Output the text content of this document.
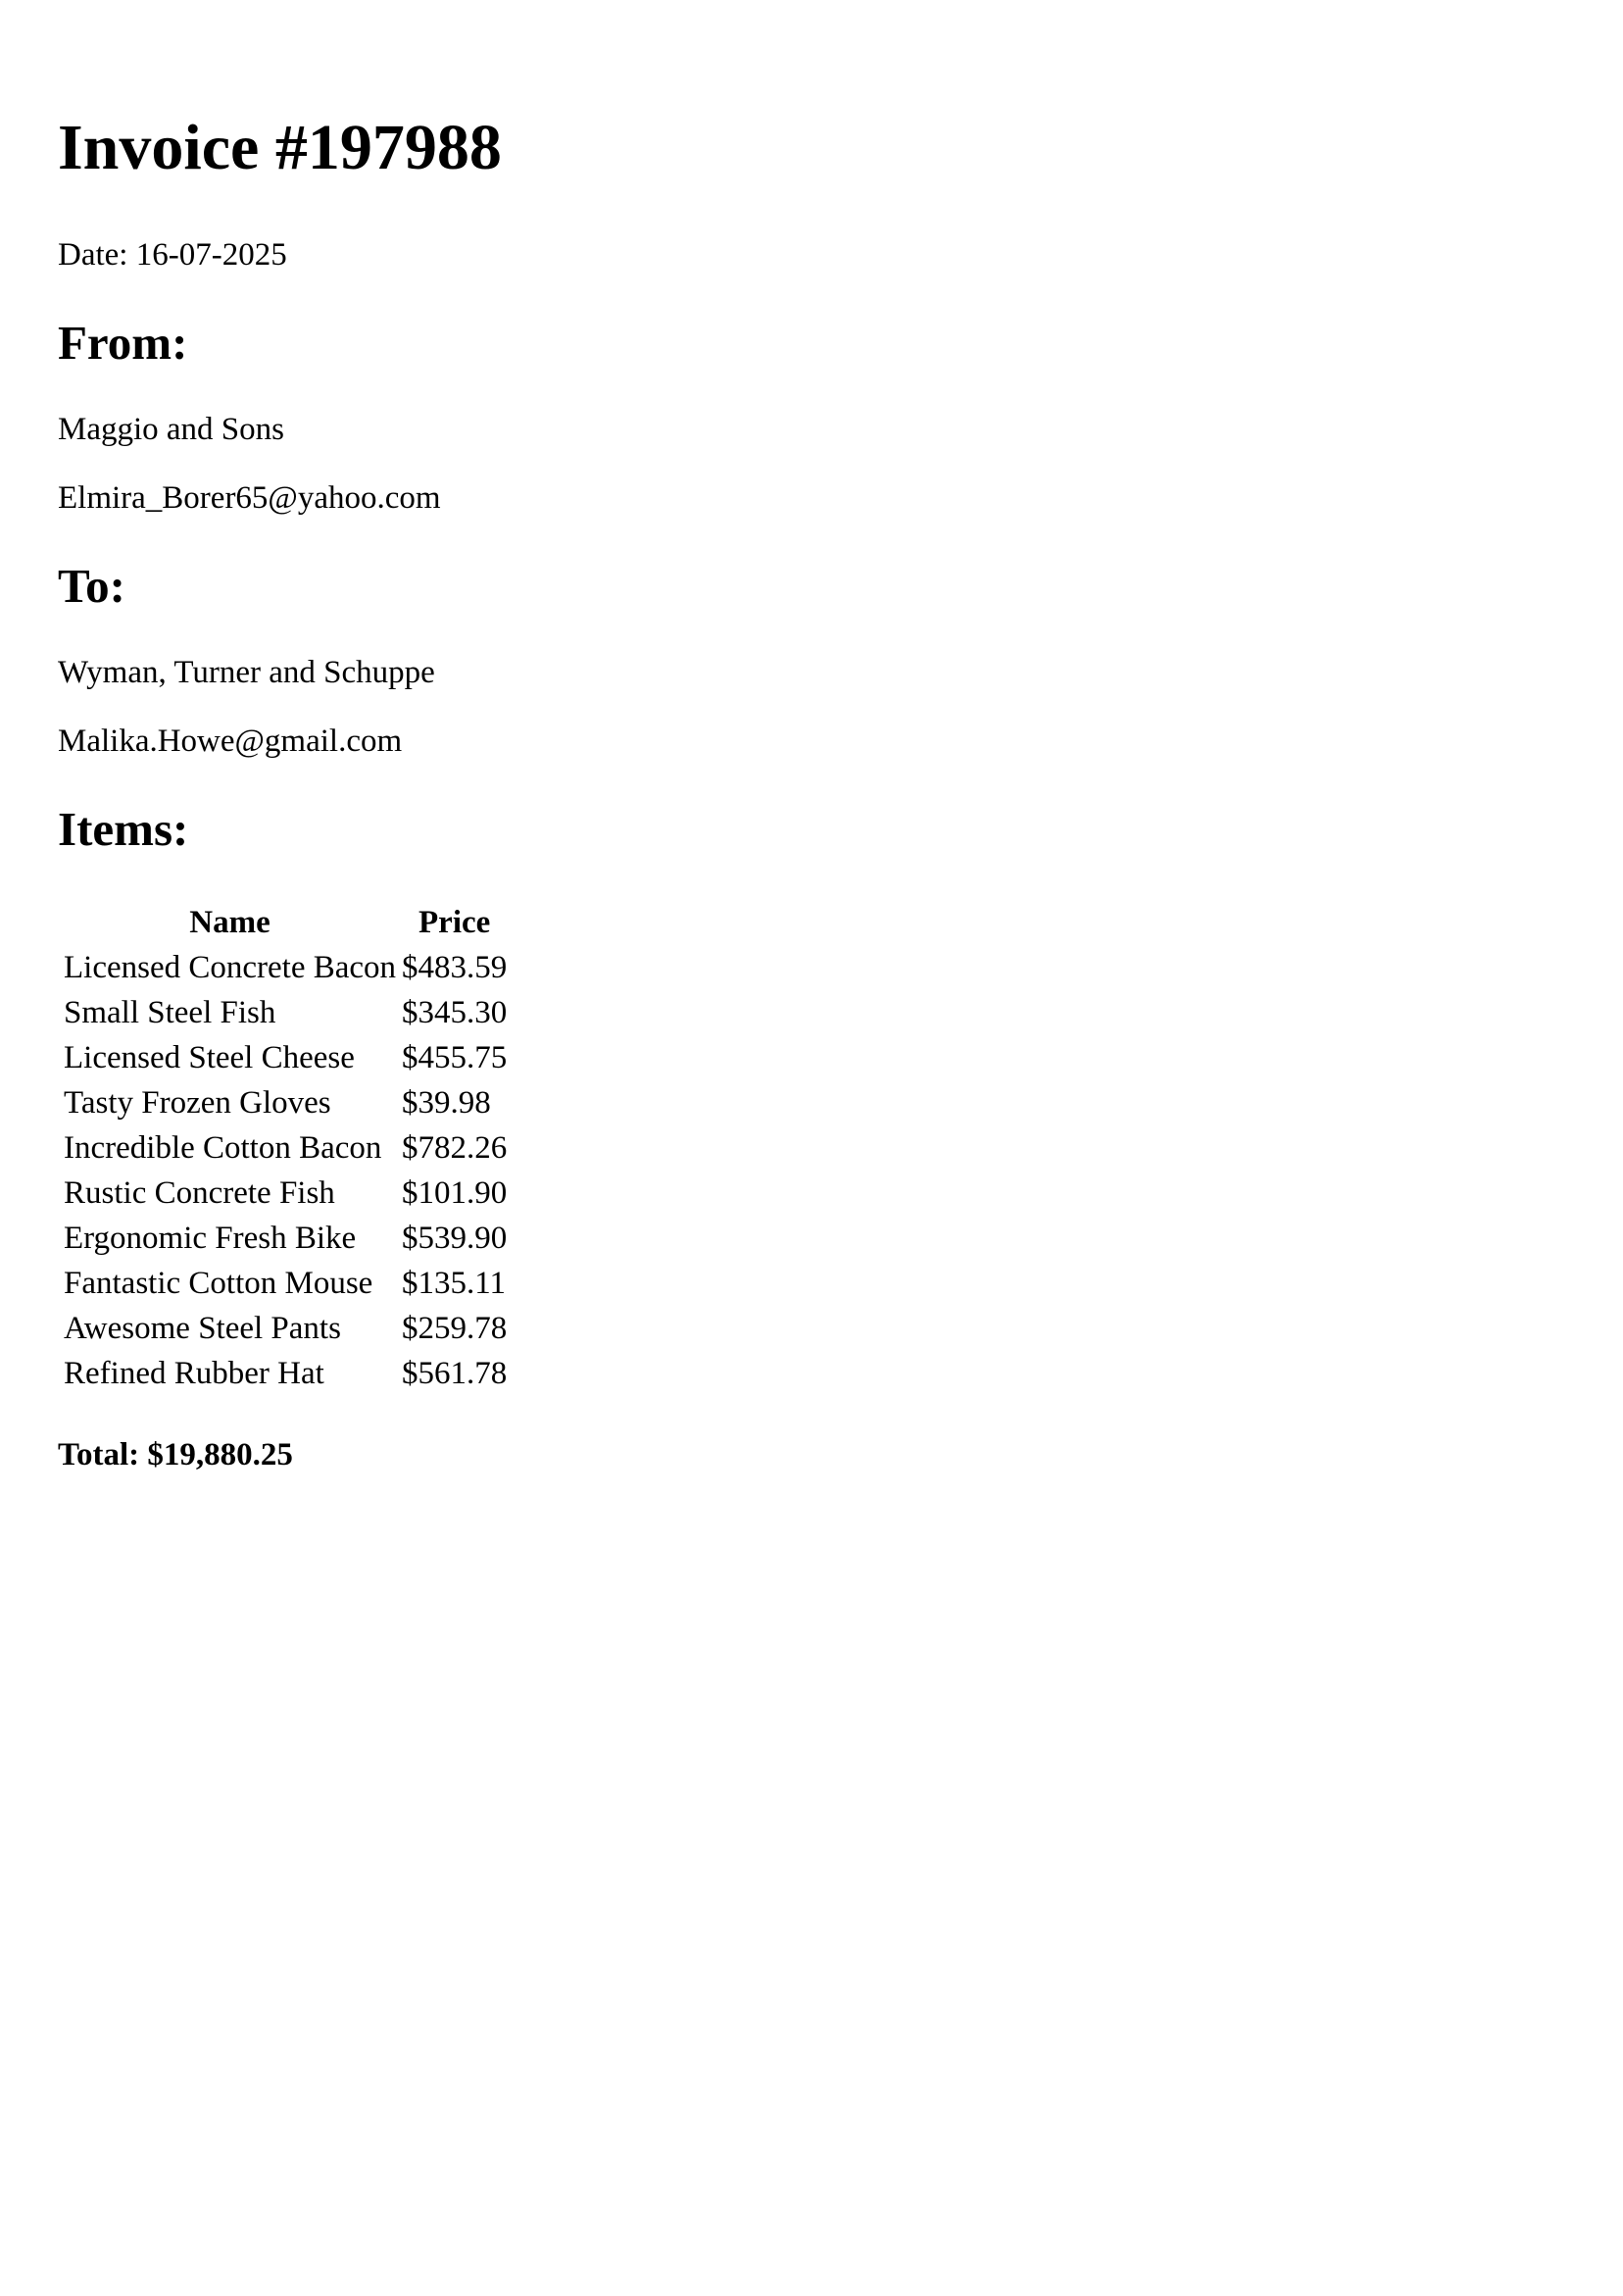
Invoice #197988

Date: 16-07-2025

From:

Maggio and Sons

Elmira_Borer65@yahoo.com

To:

Wyman, Turner and Schuppe

Malika.Howe@gmail.com

Items:
Name	Price
Licensed Concrete Bacon	$483.59
Small Steel Fish	$345.30
Licensed Steel Cheese	$455.75
Tasty Frozen Gloves	$39.98
Incredible Cotton Bacon	$782.26
Rustic Concrete Fish	$101.90
Ergonomic Fresh Bike	$539.90
Fantastic Cotton Mouse	$135.11
Awesome Steel Pants	$259.78
Refined Rubber Hat	$561.78

Total: $19,880.25
